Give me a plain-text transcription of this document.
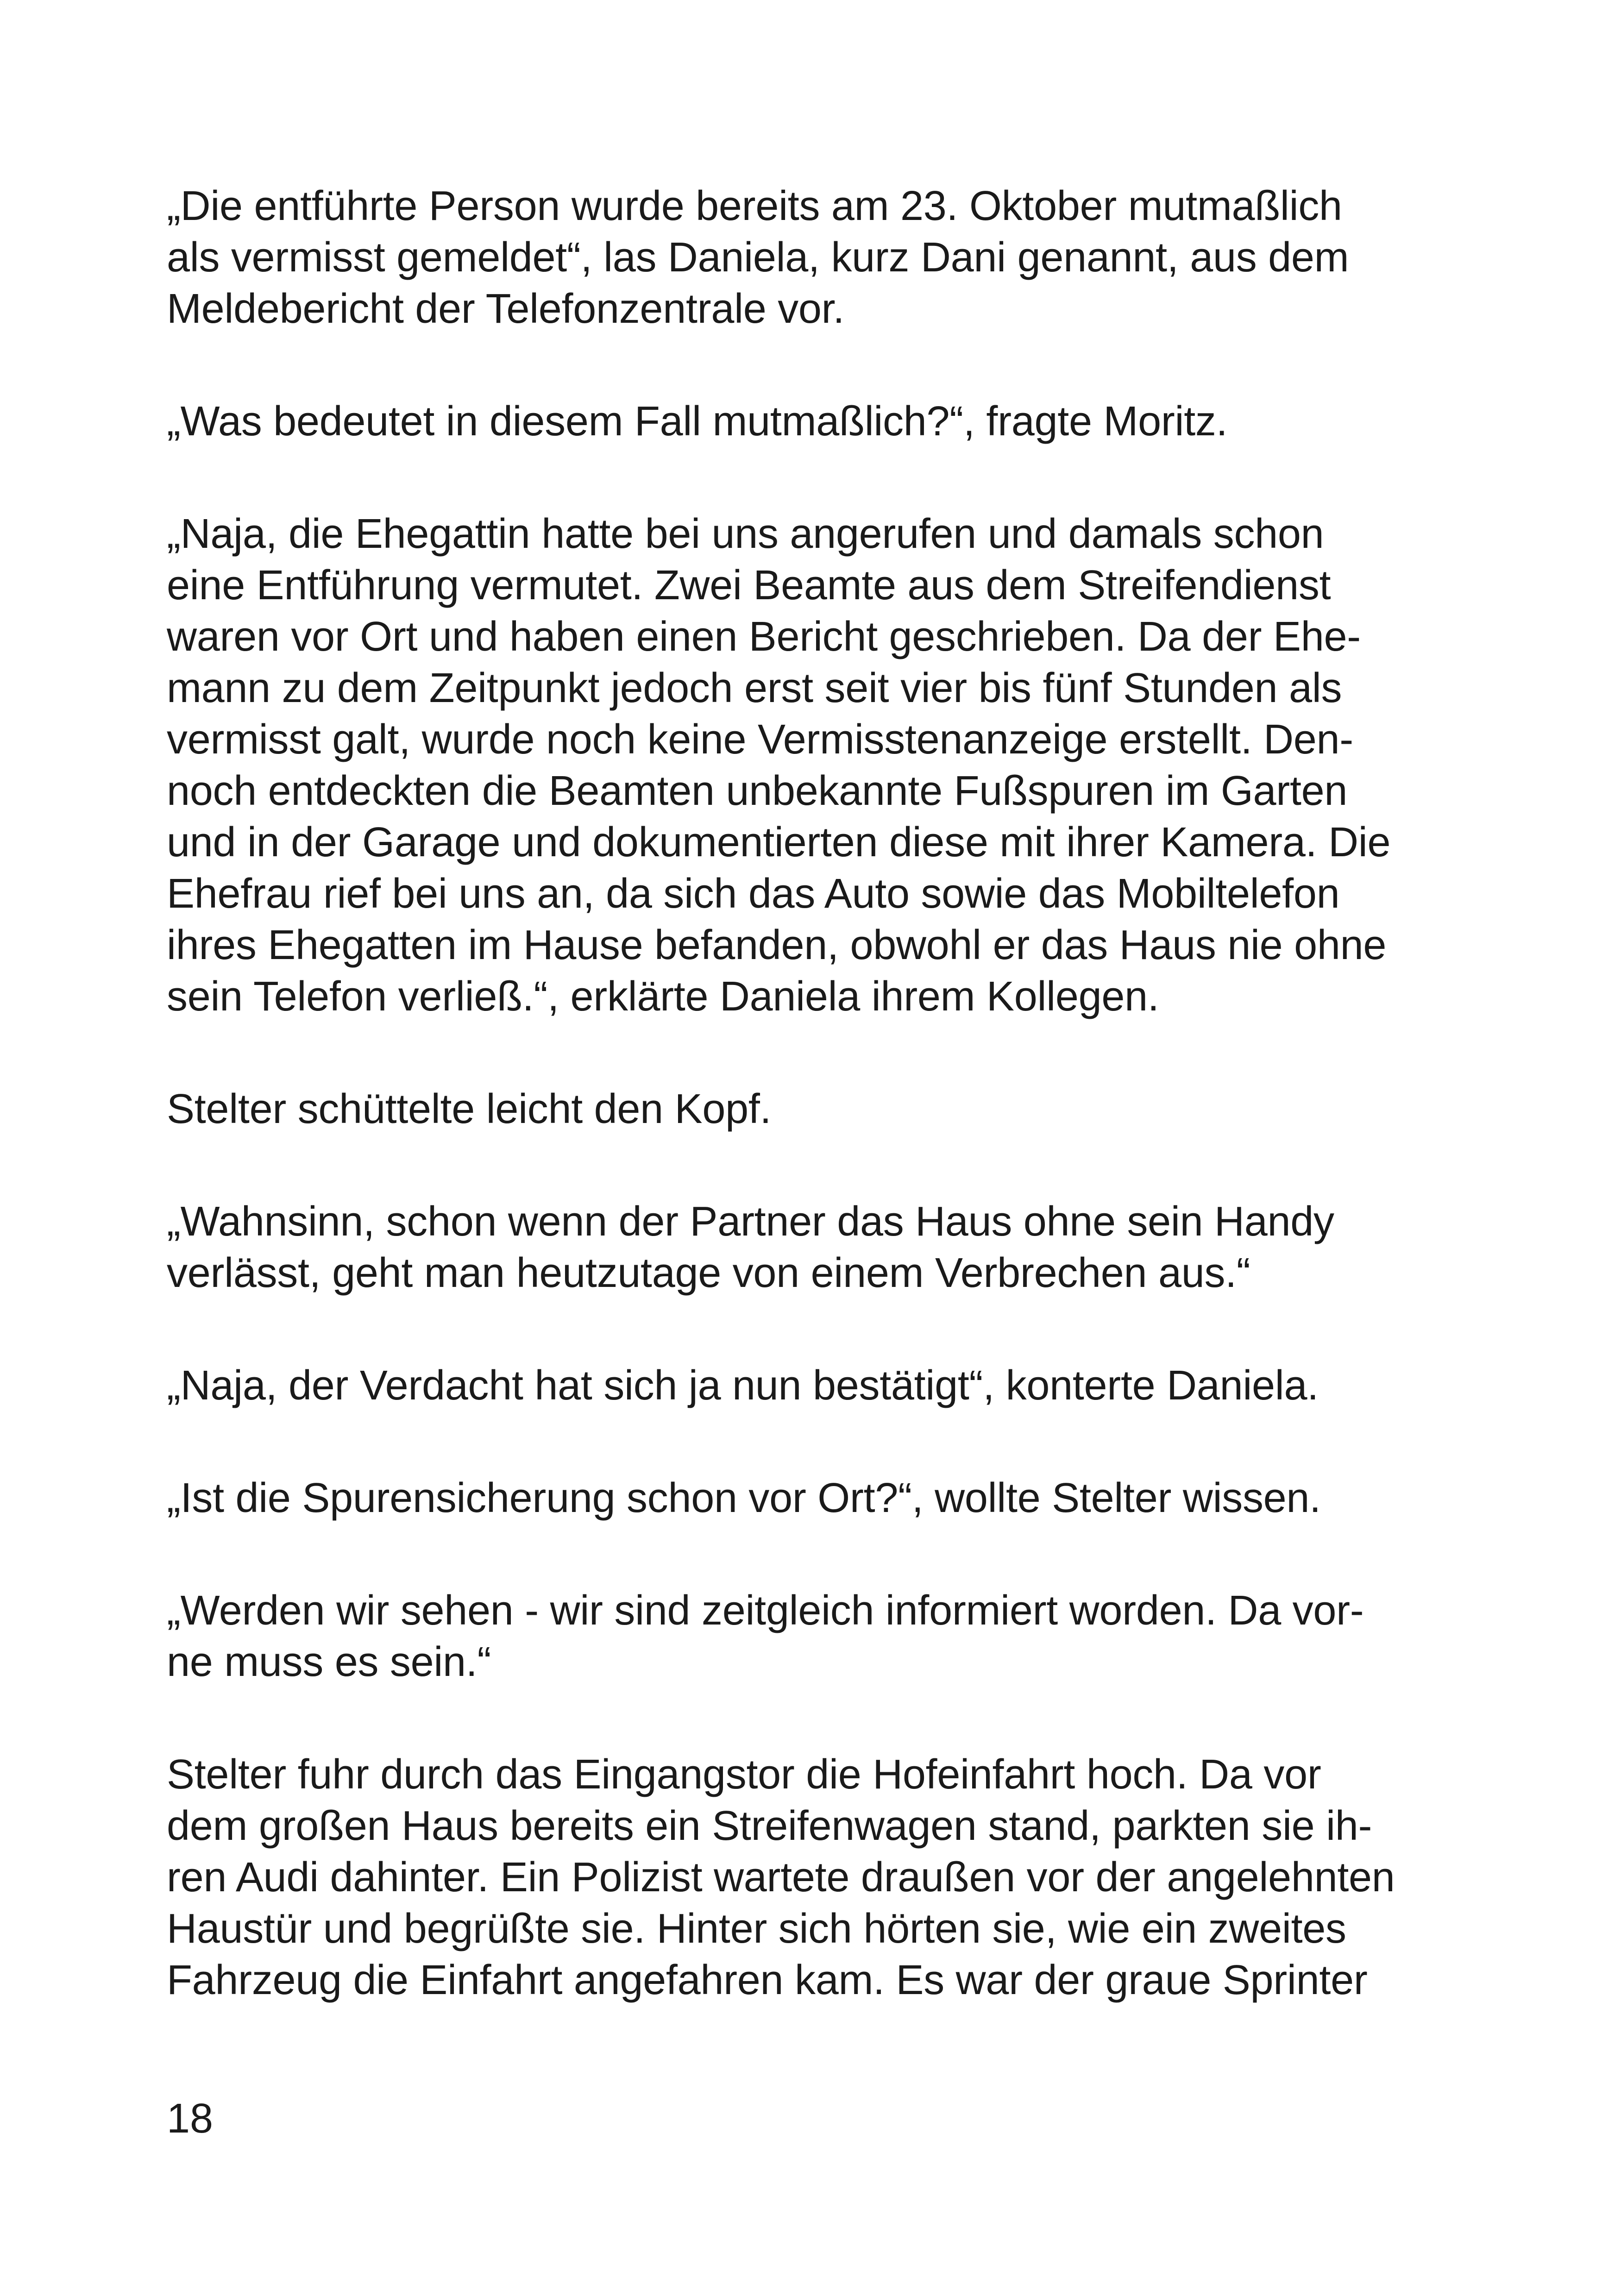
„Die entführte Person wurde bereits am 23. Oktober mutmaßlich
als vermisst gemeldet“, las Daniela, kurz Dani genannt, aus dem
Meldebericht der Telefonzentrale vor.

„Was bedeutet in diesem Fall mutmaßlich?“, fragte Moritz.

„Naja, die Ehegattin hatte bei uns angerufen und damals schon
eine Entführung vermutet. Zwei Beamte aus dem Streifendienst
waren vor Ort und haben einen Bericht geschrieben. Da der Ehe-
mann zu dem Zeitpunkt jedoch erst seit vier bis fünf Stunden als
vermisst galt, wurde noch keine Vermisstenanzeige erstellt. Den-
noch entdeckten die Beamten unbekannte Fußspuren im Garten
und in der Garage und dokumentierten diese mit ihrer Kamera. Die
Ehefrau rief bei uns an, da sich das Auto sowie das Mobiltelefon
ihres Ehegatten im Hause befanden, obwohl er das Haus nie ohne
sein Telefon verließ.“, erklärte Daniela ihrem Kollegen.

Stelter schüttelte leicht den Kopf.

„Wahnsinn, schon wenn der Partner das Haus ohne sein Handy
verlässt, geht man heutzutage von einem Verbrechen aus.“

„Naja, der Verdacht hat sich ja nun bestätigt“, konterte Daniela.

„Ist die Spurensicherung schon vor Ort?“, wollte Stelter wissen.

„Werden wir sehen - wir sind zeitgleich informiert worden. Da vor-
ne muss es sein.“

Stelter fuhr durch das Eingangstor die Hofeinfahrt hoch. Da vor
dem großen Haus bereits ein Streifenwagen stand, parkten sie ih-
ren Audi dahinter. Ein Polizist wartete draußen vor der angelehnten
Haustür und begrüßte sie. Hinter sich hörten sie, wie ein zweites
Fahrzeug die Einfahrt angefahren kam. Es war der graue Sprinter

18
